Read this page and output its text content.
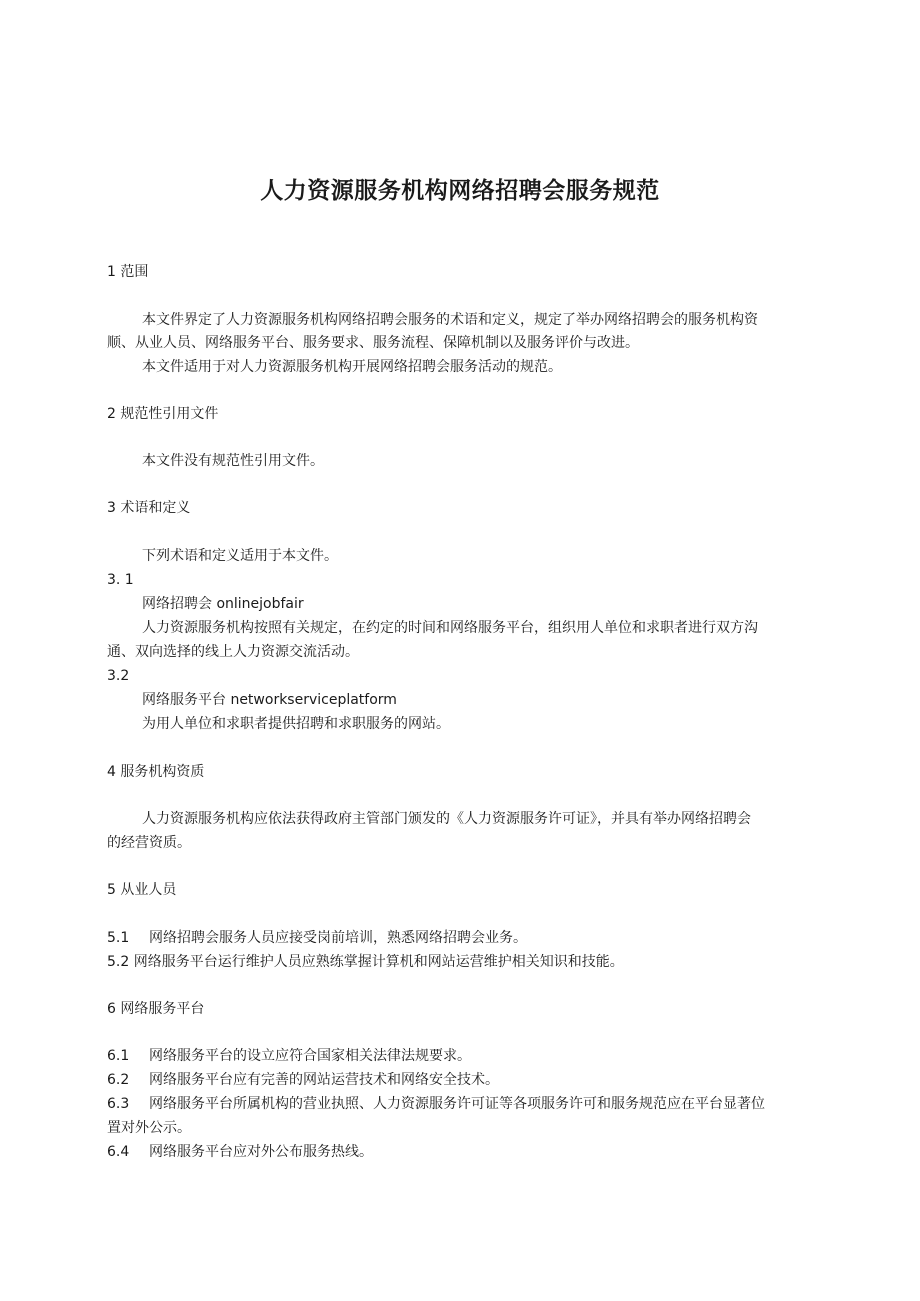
人力资源服务机构网络招聘会服务规范
1 范围
本文件界定了人力资源服务机构网络招聘会服务的术语和定义，规定了举办网络招聘会的服务机构资
顺、从业人员、网络服务平台、服务要求、服务流程、保障机制以及服务评价与改进。
本文件适用于对人力资源服务机构开展网络招聘会服务活动的规范。
2 规范性引用文件
本文件没有规范性引用文件。
3 术语和定义
下列术语和定义适用于本文件。
3. 1
网络招聘会 onlinejobfair
人力资源服务机构按照有关规定，在约定的时间和网络服务平台，组织用人单位和求职者进行双方沟
通、双向选择的线上人力资源交流活动。
3.2
网络服务平台 networkserviceplatform
为用人单位和求职者提供招聘和求职服务的网站。
4 服务机构资质
人力资源服务机构应依法获得政府主管部门颁发的《人力资源服务许可证》，并具有举办网络招聘会
的经营资质。
5 从业人员
5.1 网络招聘会服务人员应接受岗前培训，熟悉网络招聘会业务。
5.2 网络服务平台运行维护人员应熟练掌握计算机和网站运营维护相关知识和技能。
6 网络服务平台
6.1 网络服务平台的设立应符合国家相关法律法规要求。
6.2 网络服务平台应有完善的网站运营技术和网络安全技术。
6.3 网络服务平台所属机构的营业执照、人力资源服务许可证等各项服务许可和服务规范应在平台显著位
置对外公示。
6.4 网络服务平台应对外公布服务热线。
